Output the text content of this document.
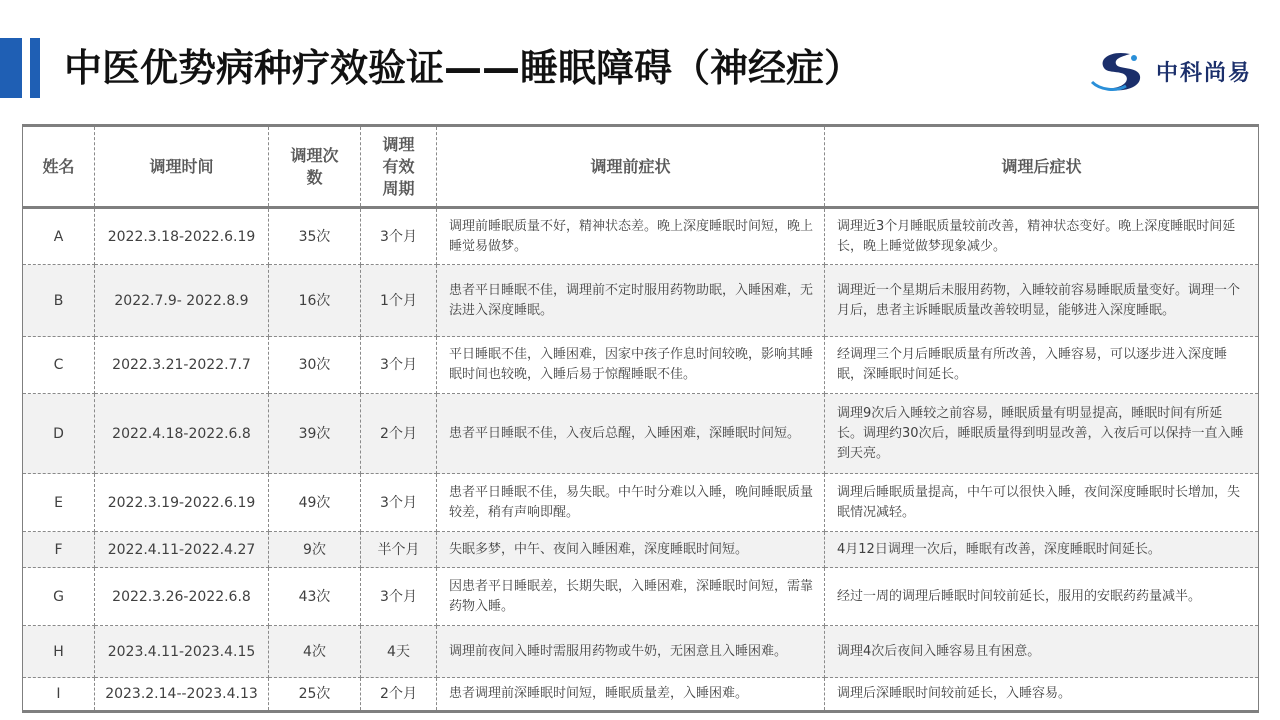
中医优势病种疗效验证——睡眠障碍（神经症）	中科尚易
姓名	调理时间	调理次数	调理有效周期	调理前症状	调理后症状
A	2022.3.18-2022.6.19	35次	3个月	调理前睡眠质量不好，精神状态差。晚上深度睡眠时间短，晚上睡觉易做梦。	调理近3个月睡眠质量较前改善，精神状态变好。晚上深度睡眠时间延长，晚上睡觉做梦现象减少。
B	2022.7.9- 2022.8.9	16次	1个月	患者平日睡眠不佳，调理前不定时服用药物助眠，入睡困难，无法进入深度睡眠。	调理近一个星期后未服用药物，入睡较前容易睡眠质量变好。调理一个月后，患者主诉睡眠质量改善较明显，能够进入深度睡眠。
C	2022.3.21-2022.7.7	30次	3个月	平日睡眠不佳，入睡困难，因家中孩子作息时间较晚，影响其睡眠时间也较晚，入睡后易于惊醒睡眠不佳。	经调理三个月后睡眠质量有所改善，入睡容易，可以逐步进入深度睡眠，深睡眠时间延长。
D	2022.4.18-2022.6.8	39次	2个月	患者平日睡眠不佳，入夜后总醒，入睡困难，深睡眠时间短。	调理9次后入睡较之前容易，睡眠质量有明显提高，睡眠时间有所延长。调理约30次后，睡眠质量得到明显改善，入夜后可以保持一直入睡到天亮。
E	2022.3.19-2022.6.19	49次	3个月	患者平日睡眠不佳，易失眠。中午时分难以入睡，晚间睡眠质量较差，稍有声响即醒。	调理后睡眠质量提高，中午可以很快入睡，夜间深度睡眠时长增加，失眠情况减轻。
F	2022.4.11-2022.4.27	9次	半个月	失眠多梦，中午、夜间入睡困难，深度睡眠时间短。	4月12日调理一次后，睡眠有改善，深度睡眠时间延长。
G	2022.3.26-2022.6.8	43次	3个月	因患者平日睡眠差，长期失眠，入睡困难，深睡眠时间短，需靠药物入睡。	经过一周的调理后睡眠时间较前延长，服用的安眠药药量减半。
H	2023.4.11-2023.4.15	4次	4天	调理前夜间入睡时需服用药物或牛奶，无困意且入睡困难。	调理4次后夜间入睡容易且有困意。
I	2023.2.14--2023.4.13	25次	2个月	患者调理前深睡眠时间短，睡眠质量差，入睡困难。	调理后深睡眠时间较前延长，入睡容易。
